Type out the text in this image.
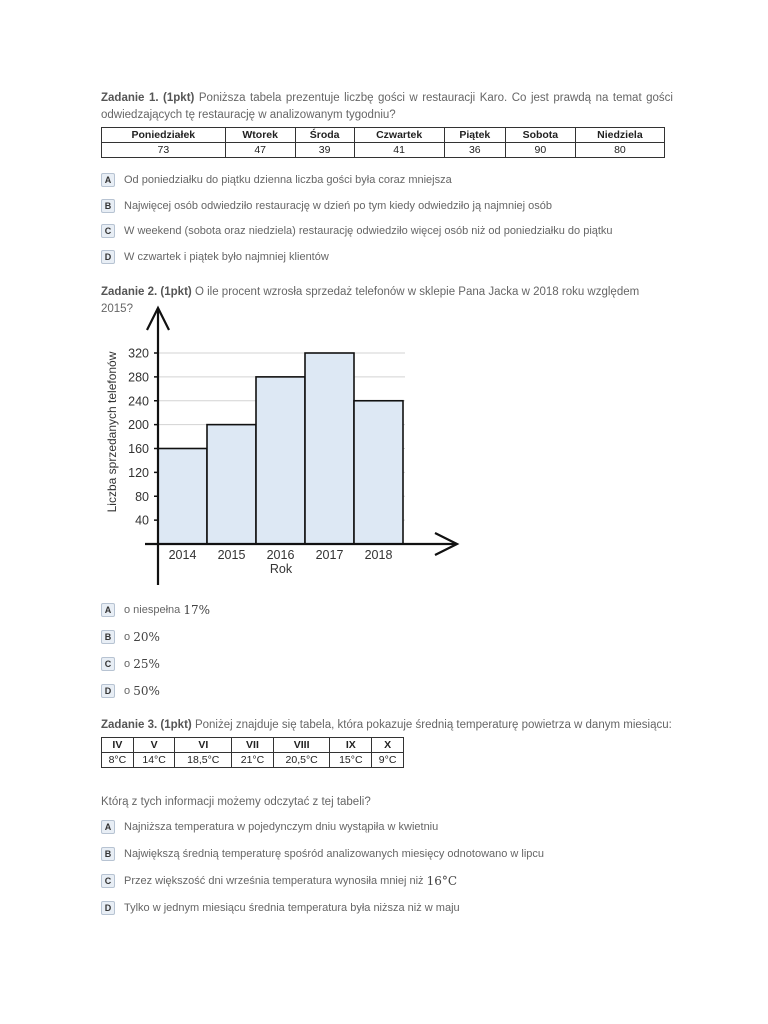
Zadanie 1. (1pkt) Poniższa tabela prezentuje liczbę gości w restauracji Karo. Co jest prawdą na temat gości odwiedzających tę restaurację w analizowanym tygodniu?
Poniedziałek	Wtorek	Środa	Czwartek	Piątek	Sobota	Niedziela
73	47	39	41	36	90	80
A	Od poniedziałku do piątku dzienna liczba gości była coraz mniejsza
B	Najwięcej osób odwiedziło restaurację w dzień po tym kiedy odwiedziło ją najmniej osób
C	W weekend (sobota oraz niedziela) restaurację odwiedziło więcej osób niż od poniedziałku do piątku
D	W czwartek i piątek było najmniej klientów
Zadanie 2. (1pkt) O ile procent wzrosła sprzedaż telefonów w sklepie Pana Jacka w 2018 roku względem 2015?
40
80
120
160
200
240
280
320
2014 2015 2016 2017 2018
Rok
Liczba sprzedanych telefonów
A	o niespełna
17%
B	o
20%
C	o
25%
D	o
50%
Zadanie 3. (1pkt) Poniżej znajduje się tabela, która pokazuje średnią temperaturę powietrza w danym miesiącu:
IV	V	VI	VII	VIII	IX	X
8°C	14°C	18,5°C	21°C	20,5°C	15°C	9°C
Którą z tych informacji możemy odczytać z tej tabeli?
A	Najniższa temperatura w pojedynczym dniu wystąpiła w kwietniu
B	Największą średnią temperaturę spośród analizowanych miesięcy odnotowano w lipcu
C	Przez większość dni września temperatura wynosiła mniej niż
16°C
D	Tylko w jednym miesiącu średnia temperatura była niższa niż w maju
